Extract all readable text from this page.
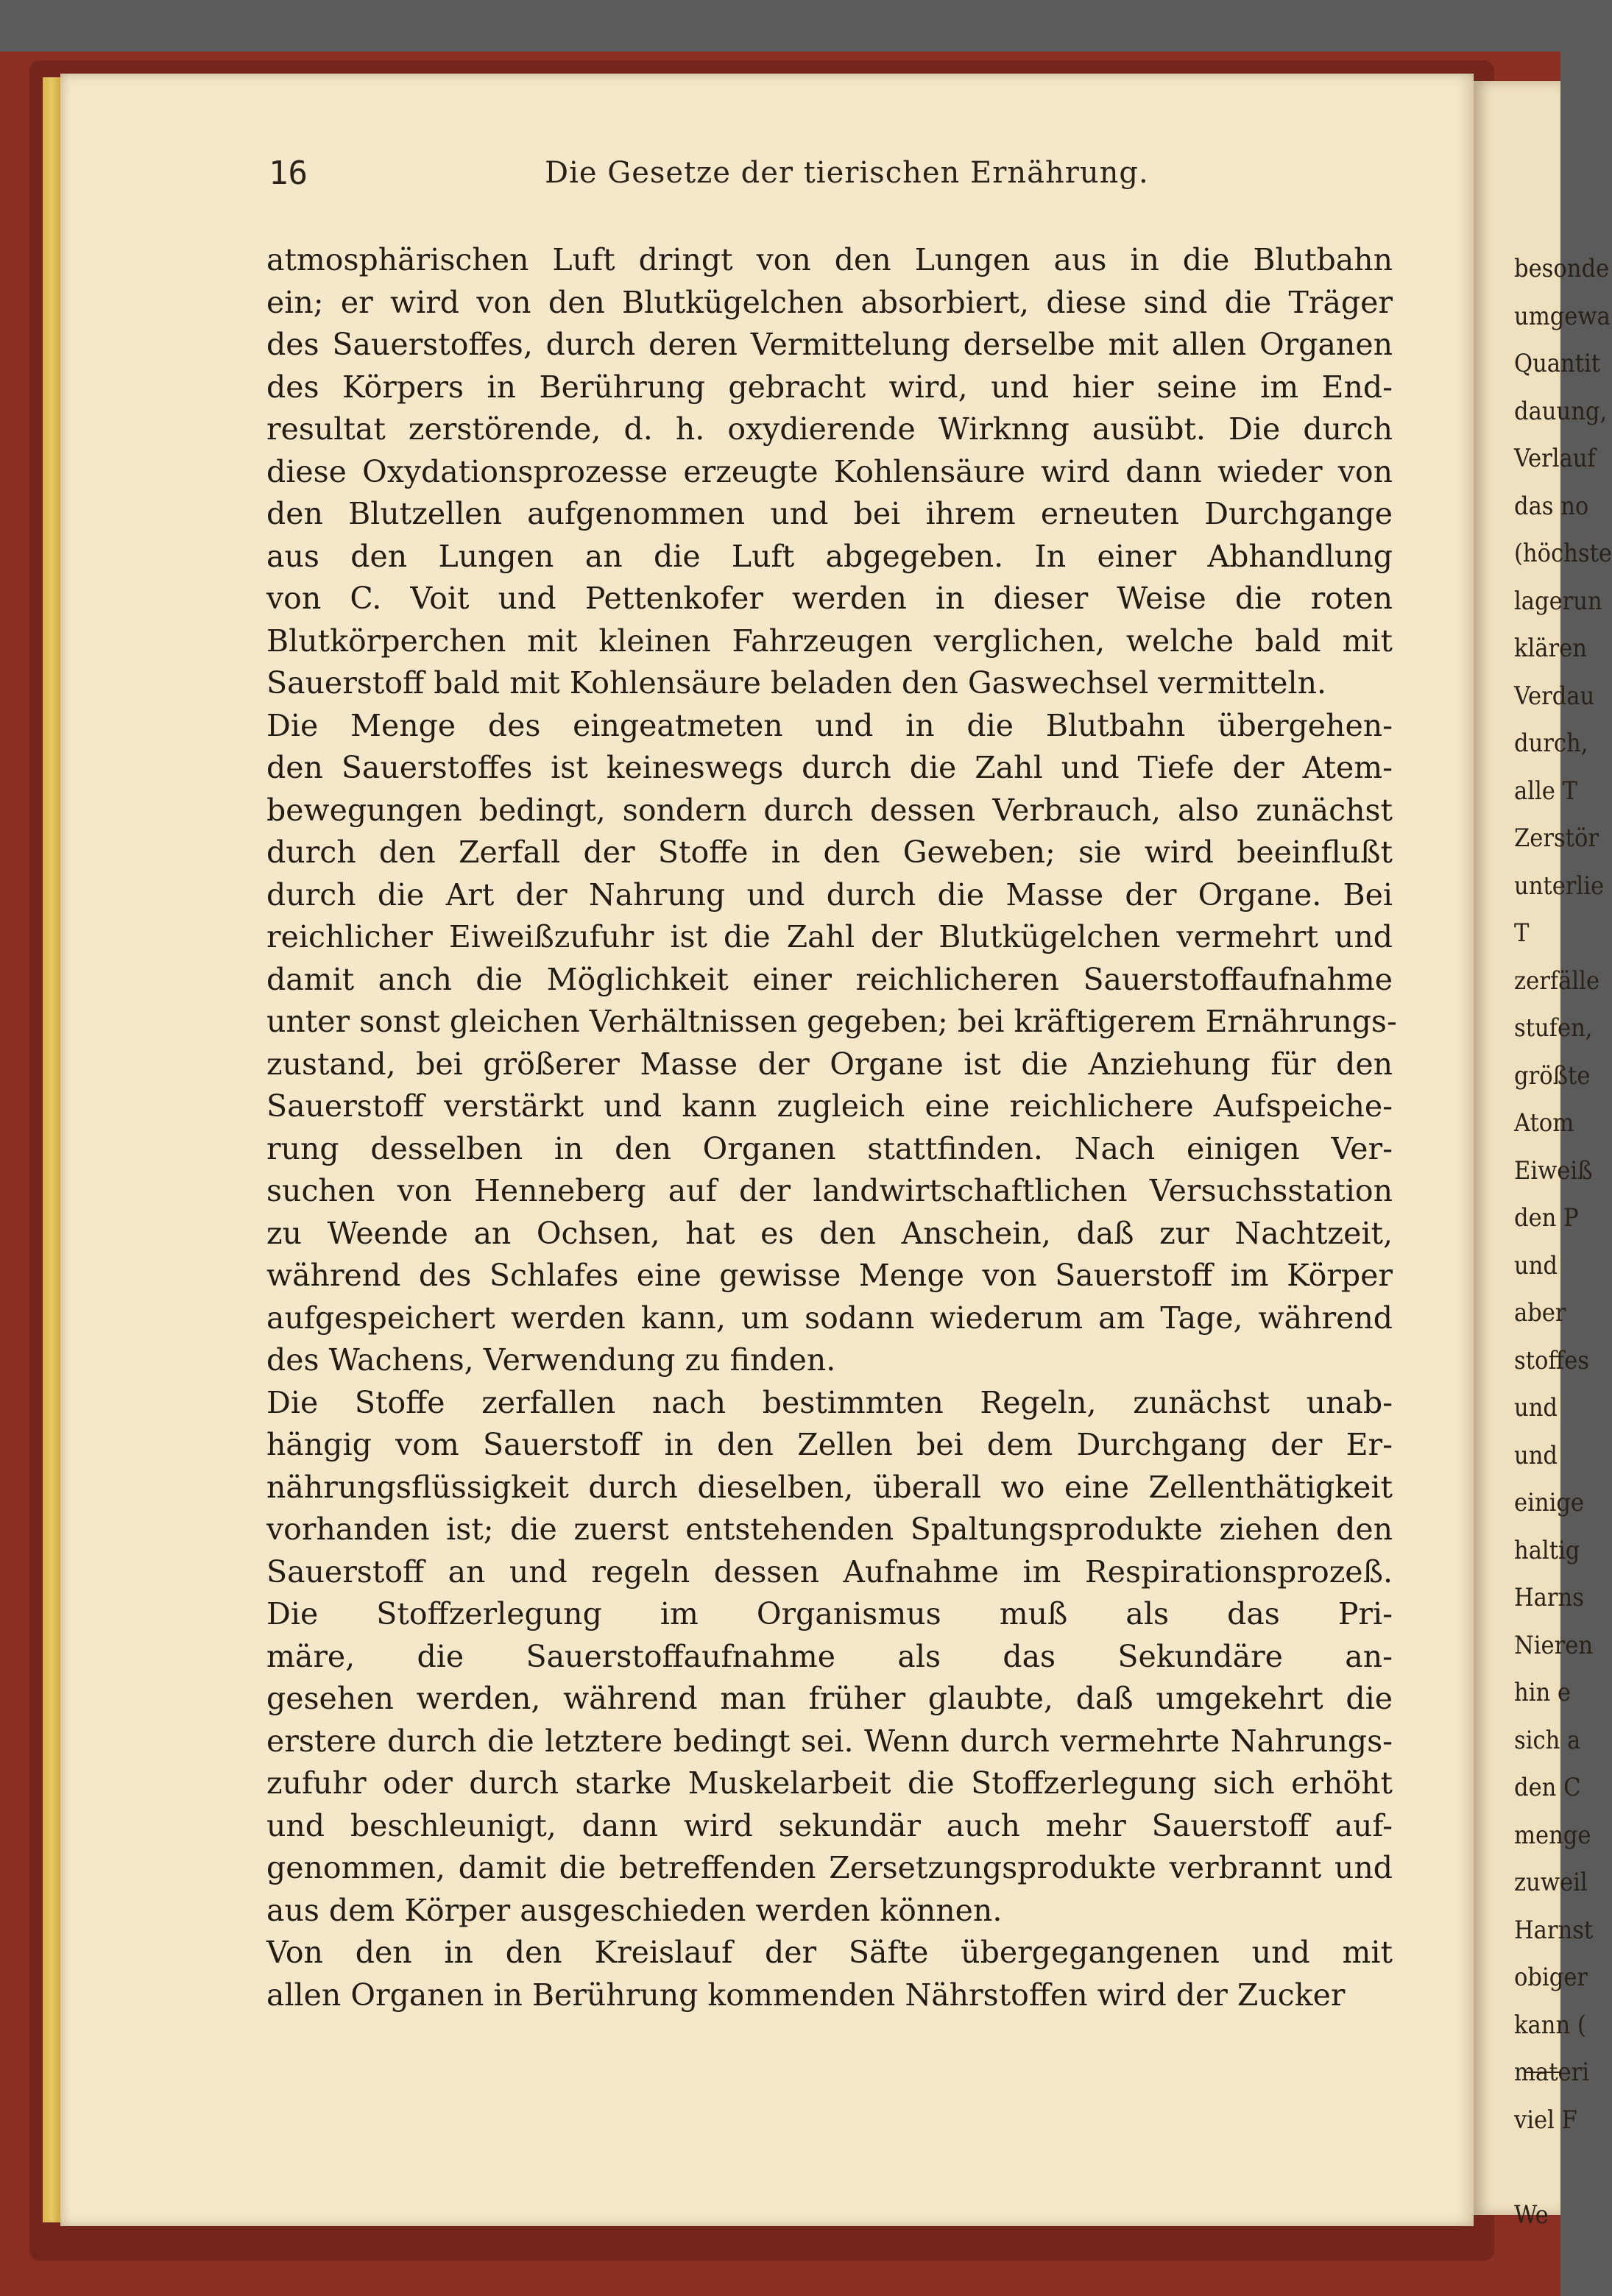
16	Die Gesetze der tierischen Ernährung.
atmosphärischen Luft dringt von den Lungen aus in die Blutbahn
ein; er wird von den Blutkügelchen absorbiert, diese sind die Träger
des Sauerstoffes, durch deren Vermittelung derselbe mit allen Organen
des Körpers in Berührung gebracht wird, und hier seine im End-
resultat zerstörende, d. h. oxydierende Wirknng ausübt. Die durch
diese Oxydationsprozesse erzeugte Kohlensäure wird dann wieder von
den Blutzellen aufgenommen und bei ihrem erneuten Durchgange
aus den Lungen an die Luft abgegeben. In einer Abhandlung
von C. Voit und Pettenkofer werden in dieser Weise die roten
Blutkörperchen mit kleinen Fahrzeugen verglichen, welche bald mit
Sauerstoff bald mit Kohlensäure beladen den Gaswechsel vermitteln.
Die Menge des eingeatmeten und in die Blutbahn übergehen-
den Sauerstoffes ist keineswegs durch die Zahl und Tiefe der Atem-
bewegungen bedingt, sondern durch dessen Verbrauch, also zunächst
durch den Zerfall der Stoffe in den Geweben; sie wird beeinflußt
durch die Art der Nahrung und durch die Masse der Organe. Bei
reichlicher Eiweißzufuhr ist die Zahl der Blutkügelchen vermehrt und
damit anch die Möglichkeit einer reichlicheren Sauerstoffaufnahme
unter sonst gleichen Verhältnissen gegeben; bei kräftigerem Ernährungs-
zustand, bei größerer Masse der Organe ist die Anziehung für den
Sauerstoff verstärkt und kann zugleich eine reichlichere Aufspeiche-
rung desselben in den Organen stattfinden. Nach einigen Ver-
suchen von Henneberg auf der landwirtschaftlichen Versuchsstation
zu Weende an Ochsen, hat es den Anschein, daß zur Nachtzeit,
während des Schlafes eine gewisse Menge von Sauerstoff im Körper
aufgespeichert werden kann, um sodann wiederum am Tage, während
des Wachens, Verwendung zu finden.
Die Stoffe zerfallen nach bestimmten Regeln, zunächst unab-
hängig vom Sauerstoff in den Zellen bei dem Durchgang der Er-
nährungsflüssigkeit durch dieselben, überall wo eine Zellenthätigkeit
vorhanden ist; die zuerst entstehenden Spaltungsprodukte ziehen den
Sauerstoff an und regeln dessen Aufnahme im Respirationsprozeß.
Die Stoffzerlegung im Organismus muß als das Pri-
märe, die Sauerstoffaufnahme als das Sekundäre an-
gesehen werden, während man früher glaubte, daß umgekehrt die
erstere durch die letztere bedingt sei. Wenn durch vermehrte Nahrungs-
zufuhr oder durch starke Muskelarbeit die Stoffzerlegung sich erhöht
und beschleunigt, dann wird sekundär auch mehr Sauerstoff auf-
genommen, damit die betreffenden Zersetzungsprodukte verbrannt und
aus dem Körper ausgeschieden werden können.
Von den in den Kreislauf der Säfte übergegangenen und mit
allen Organen in Berührung kommenden Nährstoffen wird der Zucker
besonde
umgewa
Quantit
dauung,
Verlauf
das no
(höchste
lagerun
klären
Verdau
durch,
alle T
Zerstör
unterlie
T
zerfälle
stufen,
größte
Atom
Eiweiß
den P
und
aber
stoffes
und
und
einige
haltig
Harns
Nieren
hin e
sich a
den C
menge
zuweil
Harnst
obiger
kann (
materi
viel F
We
